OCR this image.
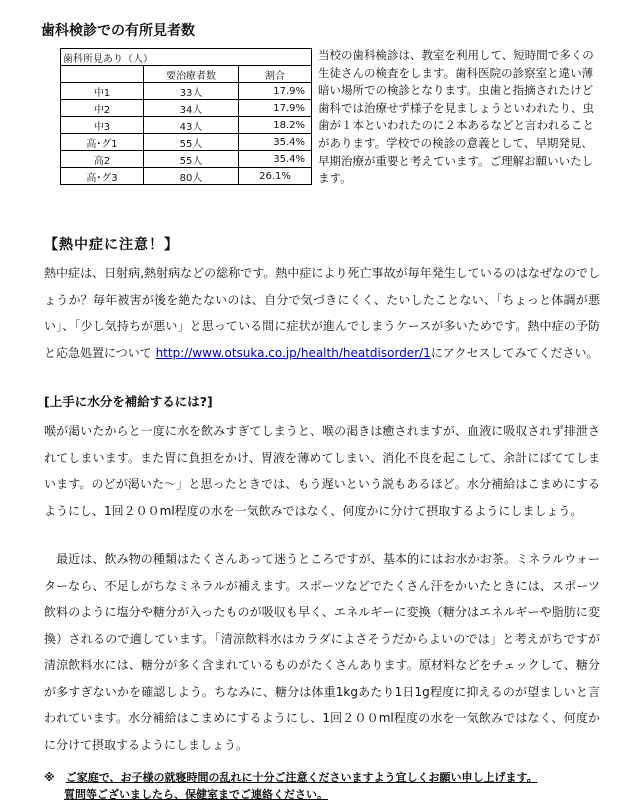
歯科検診での有所見者数
歯科所見あり（人）		
	要治療者数	割合
中1	33人	17.9%
中2	34人	17.9%
中3	43人	18.2%
高･グ1	55人	35.4%
高2	55人	35.4%
高･グ3	80人	26.1%
当校の歯科検診は、教室を利用して、短時間で多くの生徒さんの検査をします。歯科医院の診察室と違い薄暗い場所での検診となります。虫歯と指摘されたけど歯科では治療せず様子を見ましょうといわれたり、虫歯が１本といわれたのに２本あるなどと言われることがあります。学校での検診の意義として、早期発見、早期治療が重要と考えています。ご理解お願いいたします。
【熱中症に注意！】
熱中症は、日射病,熱射病などの総称です。熱中症により死亡事故が毎年発生しているのはなぜなのでしょうか？毎年被害が後を絶たないのは、自分で気づきにくく、たいしたことない、「ちょっと体調が悪い」、「少し気持ちが悪い」と思っている間に症状が進んでしまうケースが多いためです。熱中症の予防と応急処置について http://www.otsuka.co.jp/health/heatdisorder/1にアクセスしてみてください。
[上手に水分を補給するには?]
喉が渇いたからと一度に水を飲みすぎてしまうと、喉の渇きは癒されますが、血液に吸収されず排泄されてしまいます。また胃に負担をかけ、胃液を薄めてしまい、消化不良を起こして、余計にばててしまいます。のどが渇いた～」と思ったときでは、もう遅いという説もあるほど。水分補給はこまめにするようにし、1回２００ml程度の水を一気飲みではなく、何度かに分けて摂取するようにしましょう。
最近は、飲み物の種類はたくさんあって迷うところですが、基本的にはお水かお茶。ミネラルウォーターなら、不足しがちなミネラルが補えます。スポーツなどでたくさん汗をかいたときには、スポーツ飲料のように塩分や糖分が入ったものが吸収も早く、エネルギーに変換（糖分はエネルギーや脂肪に変換）されるので適しています。「清涼飲料水はカラダによさそうだからよいのでは」と考えがちですが清涼飲料水には、糖分が多く含まれているものがたくさんあります。原材料などをチェックして、糖分が多すぎないかを確認しよう。ちなみに、糖分は体重1kgあたり1日1g程度に抑えるのが望ましいと言われています。水分補給はこまめにするようにし、1回２００ml程度の水を一気飲みではなく、何度かに分けて摂取するようにしましょう。
※　 ご家庭で、お子様の就寝時間の乱れに十分ご注意くださいますよう宜しくお願い申し上げます。
質問等ございましたら、保健室までご連絡ください。
